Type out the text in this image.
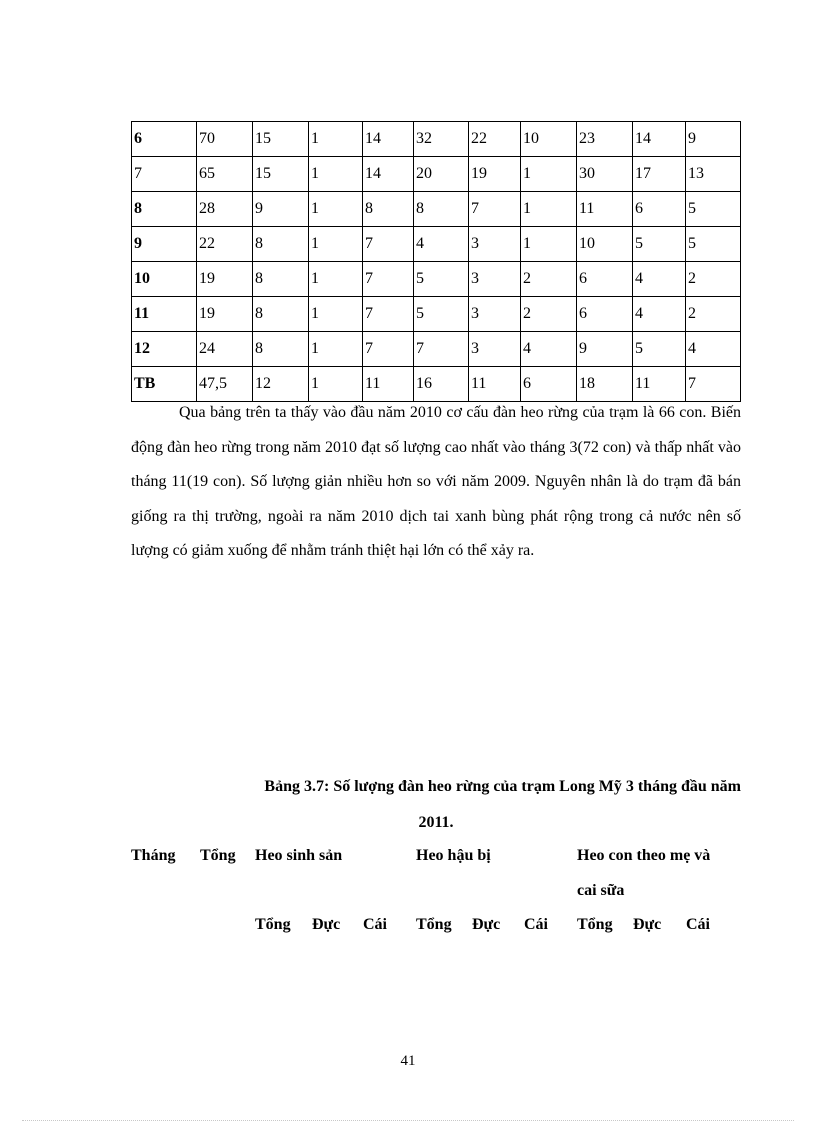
6	70	15	1	14	32	22	10	23	14	9
7	65	15	1	14	20	19	1	30	17	13
8	28	9	1	8	8	7	1	11	6	5
9	22	8	1	7	4	3	1	10	5	5
10	19	8	1	7	5	3	2	6	4	2
11	19	8	1	7	5	3	2	6	4	2
12	24	8	1	7	7	3	4	9	5	4
TB	47,5	12	1	11	16	11	6	18	11	7
Qua bảng trên ta thấy vào đầu năm 2010 cơ cấu đàn heo rừng của trạm là 66 con. Biến động đàn heo rừng trong năm 2010 đạt số lượng cao nhất vào tháng 3(72 con) và thấp nhất vào tháng 11(19 con). Số lượng giản nhiều hơn so với năm 2009. Nguyên nhân là do trạm đã bán giống ra thị trường, ngoài ra năm 2010 dịch tai xanh bùng phát rộng trong cả nước nên số lượng có giảm xuống để nhằm tránh thiệt hại lớn có thể xảy ra.
Bảng 3.7: Số lượng đàn heo rừng của trạm Long Mỹ 3 tháng đầu năm
2011.
Tháng Tổng Heo sinh sản	Heo hậu bị	Heo con theo mẹ và
cai sữa
Tổng Đực Cái Tổng Đực Cái Tổng Đực Cái
41
